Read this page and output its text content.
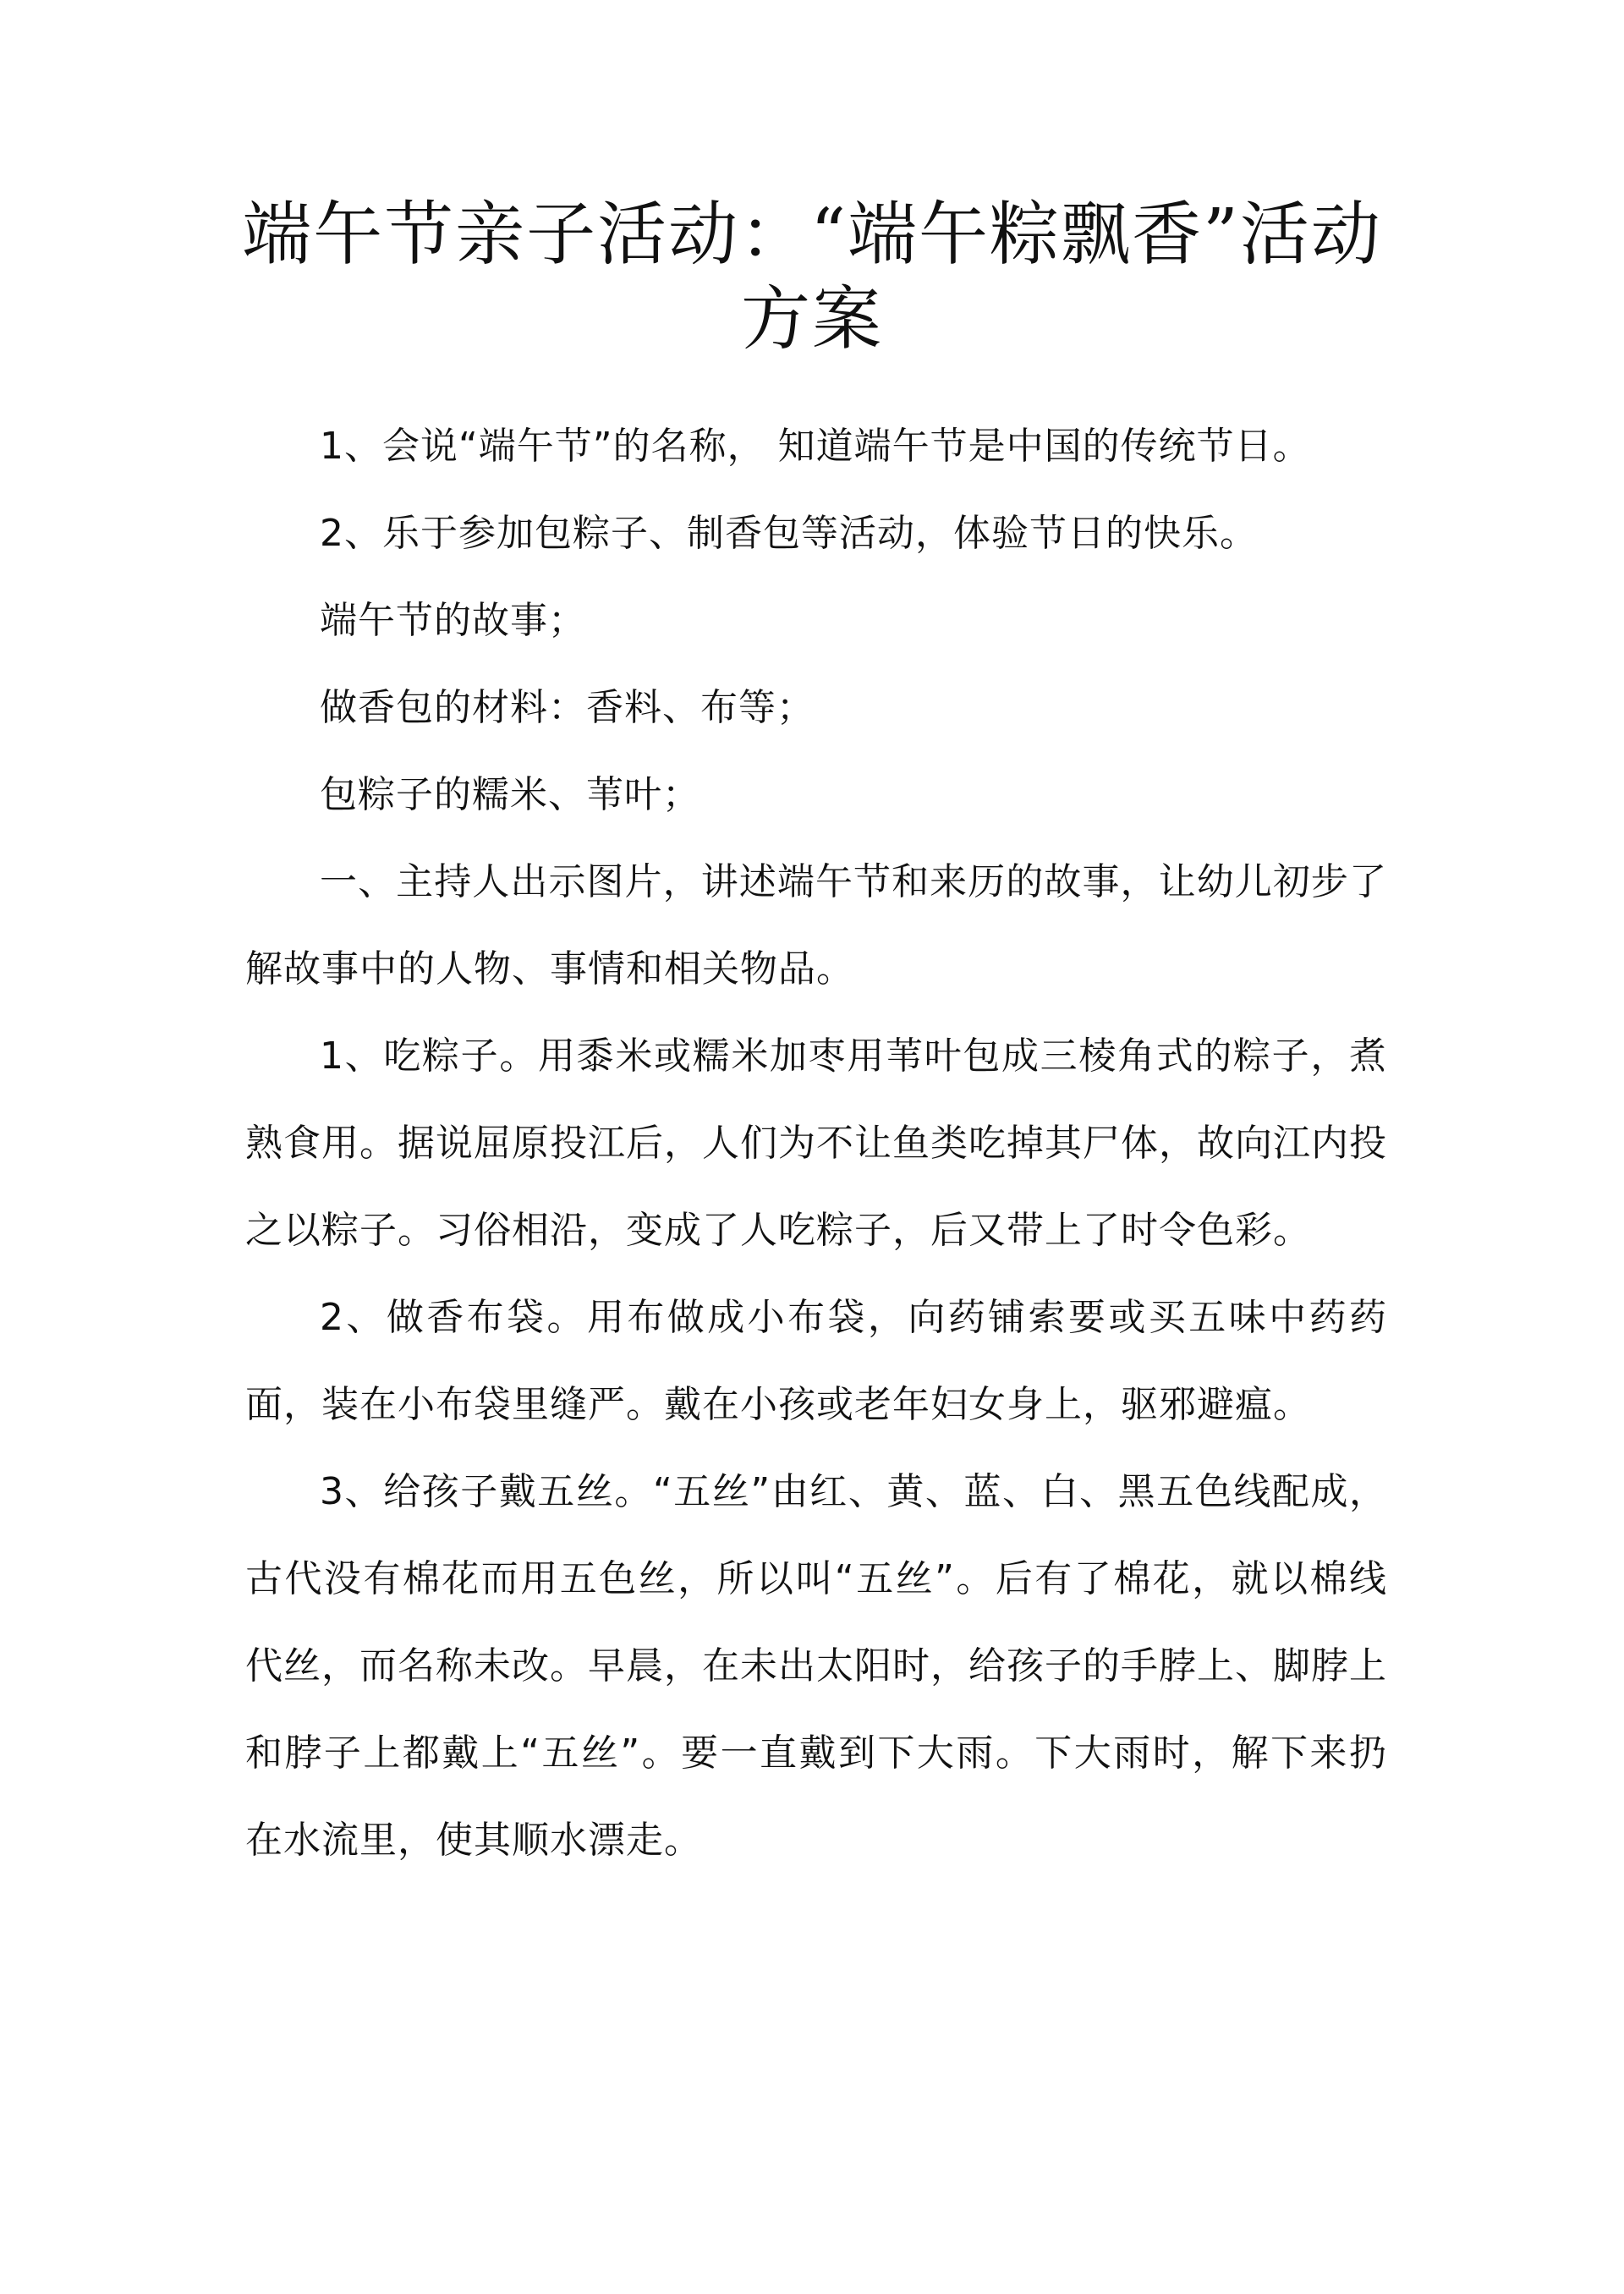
端午节亲子活动：“端午粽飘香”活动
方案

1、会说“端午节”的名称， 知道端午节是中国的传统节日。

2、乐于参加包粽子、制香包等活动，体验节日的快乐。

端午节的故事；

做香包的材料：香料、布等；

包粽子的糯米、苇叶；

一、主持人出示图片，讲述端午节和来历的故事，让幼儿初步了解故事中的人物、事情和相关物品。

1、吃粽子。用黍米或糯米加枣用苇叶包成三棱角式的粽子，煮熟食用。据说屈原投江后，人们为不让鱼类吃掉其尸体，故向江内投之以粽子。习俗相沿，变成了人吃粽子，后又带上了时令色彩。

2、做香布袋。用布做成小布袋，向药铺索要或买五味中药药面，装在小布袋里缝严。戴在小孩或老年妇女身上，驱邪避瘟。

3、给孩子戴五丝。“五丝”由红、黄、蓝、白、黑五色线配成，古代没有棉花而用五色丝，所以叫“五丝”。后有了棉花，就以棉线代丝，而名称未改。早晨，在未出太阳时，给孩子的手脖上、脚脖上和脖子上都戴上“五丝”。要一直戴到下大雨。下大雨时，解下来扔在水流里，使其顺水漂走。
